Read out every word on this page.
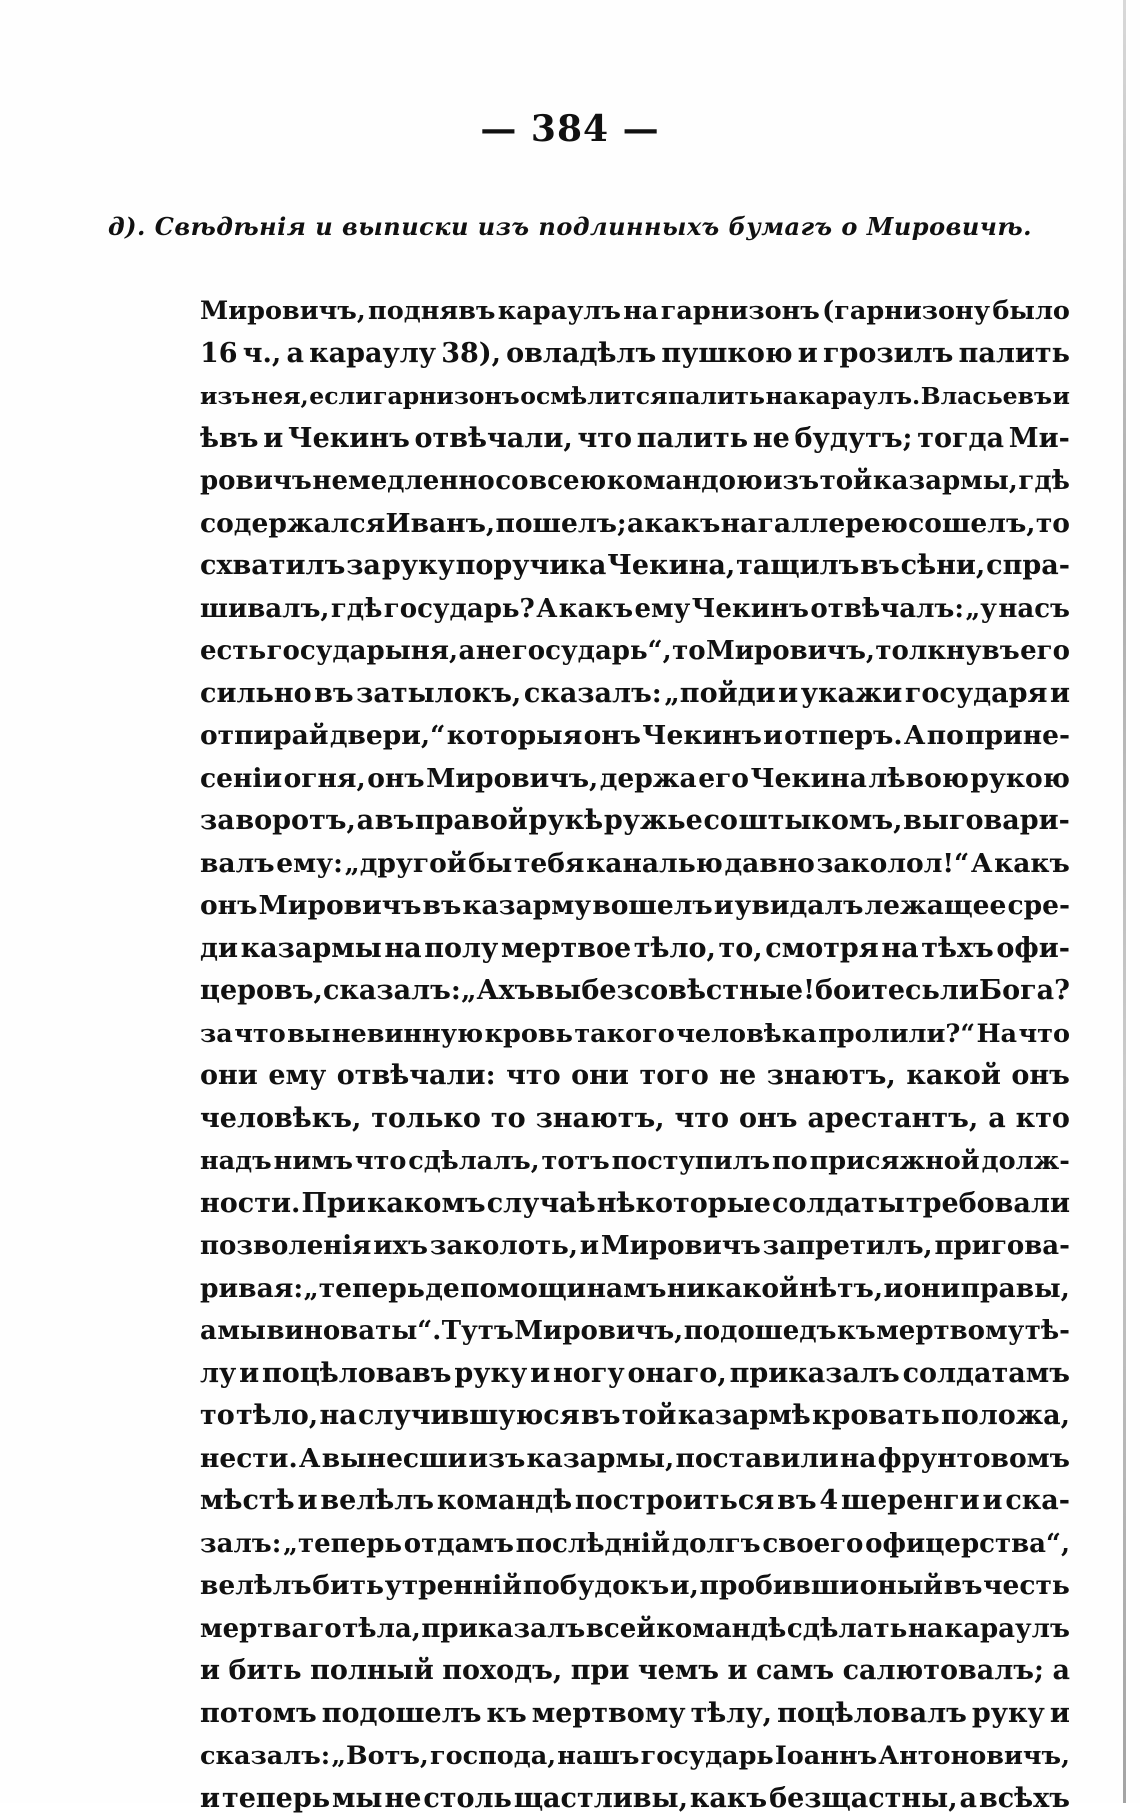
— 384 —
д). Свѣдѣнія и выписки изъ подлинныхъ бумагъ о Мировичѣ.
Мировичъ, поднявъ караулъ на гарнизонъ (гарнизону было
16 ч., а караулу 38), овладѣлъ пушкою и грозилъ палить
изъ нея, если гарнизонъ осмѣлится палить на караулъ. Власьевъ и
ѣвъ и Чекинъ отвѣчали, что палить не будутъ; тогда Ми-
ровичъ немедленно со всею командою изъ той казармы, гдѣ
содержался Иванъ, пошелъ; а какъ на галлерею сошелъ, то
схватилъ за руку поручика Чекина, тащилъ въ сѣни, спра-
шивалъ, гдѣ государь? А какъ ему Чекинъ отвѣчалъ: „у насъ
есть государыня, а не государь“, то Мировичъ, толкнувъ его
сильно въ затылокъ, сказалъ: „пойди и укажи государя и
отпирай двери,“ которыя онъ Чекинъ и отперъ. А по прине-
сеніи огня, онъ Мировичъ, держа его Чекина лѣвою рукою
за воротъ, а въ правой рукѣ ружье со штыкомъ, выговари-
валъ ему: „другой бы тебя каналью давно заколол!“ А какъ
онъ Мировичъ въ казарму вошелъ и увидалъ лежащее сре-
ди казармы на полу мертвое тѣло, то, смотря на тѣхъ офи-
церовъ, сказалъ: „Ахъ вы безсовѣстные! боитесь ли Бога?
за что вы невинную кровь такого человѣка пролили?“ На что
они ему отвѣчали: что они того не знаютъ, какой онъ
человѣкъ, только то знаютъ, что онъ арестантъ, а кто
надъ нимъ что сдѣлалъ, тотъ поступилъ по присяжной долж-
ности. При какомъ случаѣ нѣкоторые солдаты требовали
позволенія ихъ заколоть, и Мировичъ запретилъ, пригова-
ривая: „теперь де помощи намъ никакой нѣтъ, и они правы,
а мы виноваты“. Тутъ Мировичъ, подошедъ къ мертвому тѣ-
лу и поцѣловавъ руку и ногу онаго, приказалъ солдатамъ
то тѣло, на случившуюся въ той казармѣ кровать положа,
нести. А вынесши изъ казармы, поставили на фрунтовомъ
мѣстѣ и велѣлъ командѣ построиться въ 4 шеренги и ска-
залъ: „теперь отдамъ послѣдній долгъ своего офицерства“,
велѣлъ бить утренній побудокъ и, пробивши оный въ честь
мертваго тѣла, приказалъ всей командѣ сдѣлать на караулъ
и бить полный походъ, при чемъ и самъ салютовалъ; а
потомъ подошелъ къ мертвому тѣлу, поцѣловалъ руку и
сказалъ: „Вотъ, господа, нашъ государь Іоаннъ Антоновичъ,
и теперь мы не столь щастливы, какъ безщастны, а всѣхъ
